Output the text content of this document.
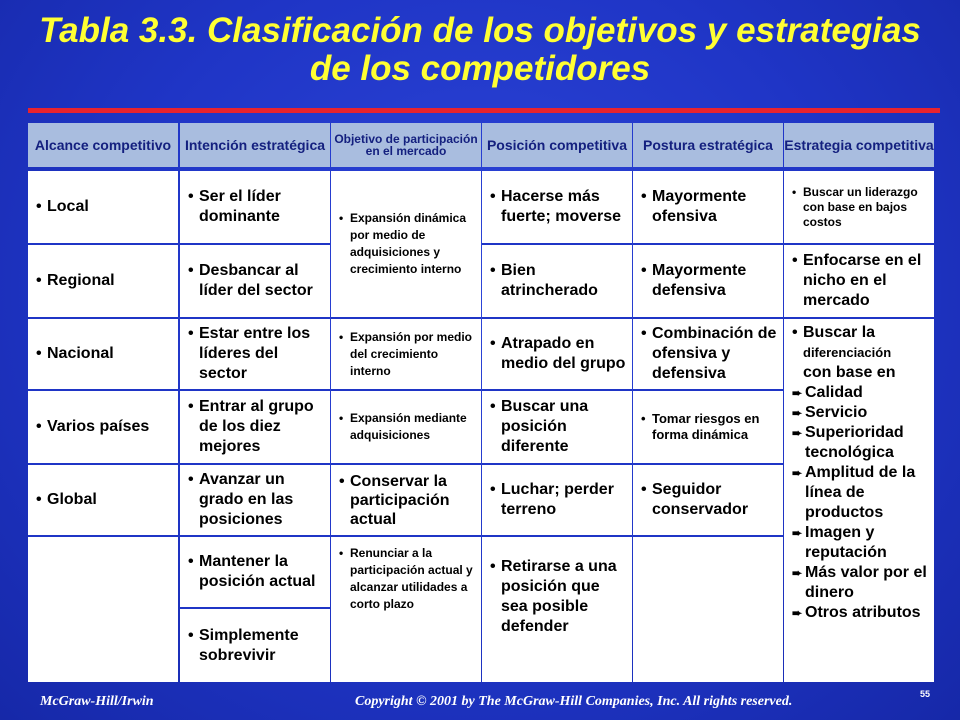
Tabla 3.3. Clasificación de los objetivos y estrategias de los competidores
Alcance competitivo
• Local
• Regional
• Nacional
• Varios países
• Global
Intención estratégica
• Ser el líder dominante
• Desbancar al líder del sector
• Estar entre los líderes del sector
• Entrar al grupo de los diez mejores
• Avanzar un grado en las posiciones
• Mantener la posición actual
• Simplemente sobrevivir
Objetivo de participación en el mercado
• Expansión dinámica por medio de adquisiciones y crecimiento interno
• Expansión por medio del crecimiento interno
• Expansión mediante adquisiciones
• Conservar la participación actual
• Renunciar a la participación actual y alcanzar utilidades a corto plazo
Posición competitiva
• Hacerse más fuerte; moverse
• Bien atrincherado
• Atrapado en medio del grupo
• Buscar una posición diferente
• Luchar; perder terreno
• Retirarse a una posición que sea posible defender
Postura estratégica
• Mayormente ofensiva
• Mayormente defensiva
• Combinación de ofensiva y defensiva
• Tomar riesgos en forma dinámica
• Seguidor conservador
Estrategia competitiva
• Buscar un liderazgo con base en bajos costos
• Enfocarse en el nicho en el mercado
• Buscar la
diferenciación
con base en
➨ Calidad
➨ Servicio
➨ Superioridad tecnológica
➨ Amplitud de la línea de productos
➨ Imagen y reputación
➨ Más valor por el dinero
➨ Otros atributos
McGraw-Hill/Irwin	Copyright © 2001 by The McGraw-Hill Companies, Inc. All rights reserved.	55
